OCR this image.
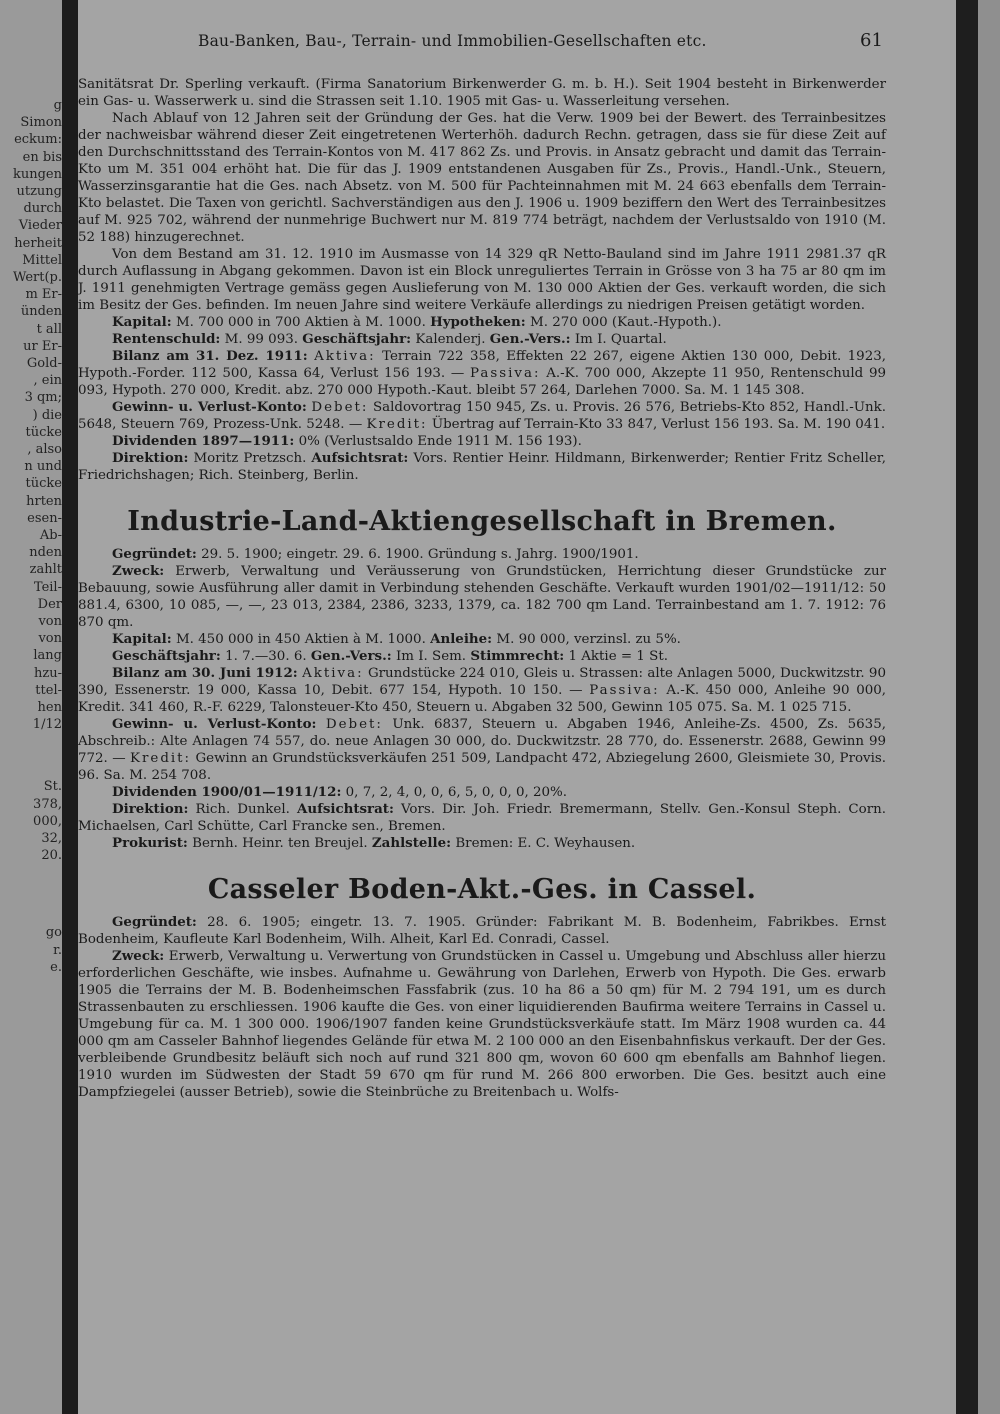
g
Simon
eckum:
en bis
kungen
utzung
durch
Vieder
herheit
Mittel
Wert(p.
m Er-
ünden
t all
ur Er-
Gold-
, ein
3 qm;
) die
tücke
, also
n und
tücke
hrten
esen-
Ab-
nden
zahlt
Teil-
Der
von
von
lang
hzu-
ttel-
hen
1/12
St.
378,
000,
32,
20.
go
r.
e.
Bau-Banken, Bau-, Terrain- und Immobilien-Gesellschaften etc.	61

Sanitätsrat Dr. Sperling verkauft. (Firma Sanatorium Birkenwerder G. m. b. H.). Seit 1904 besteht in Birkenwerder ein Gas- u. Wasserwerk u. sind die Strassen seit 1.10. 1905 mit Gas- u. Wasserleitung versehen.

Nach Ablauf von 12 Jahren seit der Gründung der Ges. hat die Verw. 1909 bei der Bewert. des Terrainbesitzes der nachweisbar während dieser Zeit eingetretenen Werterhöh. dadurch Rechn. getragen, dass sie für diese Zeit auf den Durchschnittsstand des Terrain-Kontos von M. 417 862 Zs. und Provis. in Ansatz gebracht und damit das Terrain-Kto um M. 351 004 erhöht hat. Die für das J. 1909 entstandenen Ausgaben für Zs., Provis., Handl.-Unk., Steuern, Wasserzinsgarantie hat die Ges. nach Absetz. von M. 500 für Pachteinnahmen mit M. 24 663 ebenfalls dem Terrain-Kto belastet. Die Taxen von gerichtl. Sachverständigen aus den J. 1906 u. 1909 beziffern den Wert des Terrainbesitzes auf M. 925 702, während der nunmehrige Buchwert nur M. 819 774 beträgt, nachdem der Verlustsaldo von 1910 (M. 52 188) hinzugerechnet.

Von dem Bestand am 31. 12. 1910 im Ausmasse von 14 329 qR Netto-Bauland sind im Jahre 1911 2981.37 qR durch Auflassung in Abgang gekommen. Davon ist ein Block unreguliertes Terrain in Grösse von 3 ha 75 ar 80 qm im J. 1911 genehmigten Vertrage gemäss gegen Auslieferung von M. 130 000 Aktien der Ges. verkauft worden, die sich im Besitz der Ges. befinden. Im neuen Jahre sind weitere Verkäufe allerdings zu niedrigen Preisen getätigt worden.

Kapital: M. 700 000 in 700 Aktien à M. 1000. Hypotheken: M. 270 000 (Kaut.-Hypoth.).

Rentenschuld: M. 99 093. Geschäftsjahr: Kalenderj. Gen.-Vers.: Im I. Quartal.

Bilanz am 31. Dez. 1911: Aktiva: Terrain 722 358, Effekten 22 267, eigene Aktien 130 000, Debit. 1923, Hypoth.-Forder. 112 500, Kassa 64, Verlust 156 193. — Passiva: A.-K. 700 000, Akzepte 11 950, Rentenschuld 99 093, Hypoth. 270 000, Kredit. abz. 270 000 Hypoth.-Kaut. bleibt 57 264, Darlehen 7000. Sa. M. 1 145 308.

Gewinn- u. Verlust-Konto: Debet: Saldovortrag 150 945, Zs. u. Provis. 26 576, Betriebs-Kto 852, Handl.-Unk. 5648, Steuern 769, Prozess-Unk. 5248. — Kredit: Übertrag auf Terrain-Kto 33 847, Verlust 156 193. Sa. M. 190 041.

Dividenden 1897—1911: 0% (Verlustsaldo Ende 1911 M. 156 193).

Direktion: Moritz Pretzsch. Aufsichtsrat: Vors. Rentier Heinr. Hildmann, Birkenwerder; Rentier Fritz Scheller, Friedrichshagen; Rich. Steinberg, Berlin.

Industrie-Land-Aktiengesellschaft in Bremen.

Gegründet: 29. 5. 1900; eingetr. 29. 6. 1900. Gründung s. Jahrg. 1900/1901.

Zweck: Erwerb, Verwaltung und Veräusserung von Grundstücken, Herrichtung dieser Grundstücke zur Bebauung, sowie Ausführung aller damit in Verbindung stehenden Geschäfte. Verkauft wurden 1901/02—1911/12: 50 881.4, 6300, 10 085, —, —, 23 013, 2384, 2386, 3233, 1379, ca. 182 700 qm Land. Terrainbestand am 1. 7. 1912: 76 870 qm.

Kapital: M. 450 000 in 450 Aktien à M. 1000. Anleihe: M. 90 000, verzinsl. zu 5%.

Geschäftsjahr: 1. 7.—30. 6. Gen.-Vers.: Im I. Sem. Stimmrecht: 1 Aktie = 1 St.

Bilanz am 30. Juni 1912: Aktiva: Grundstücke 224 010, Gleis u. Strassen: alte Anlagen 5000, Duckwitzstr. 90 390, Essenerstr. 19 000, Kassa 10, Debit. 677 154, Hypoth. 10 150. — Passiva: A.-K. 450 000, Anleihe 90 000, Kredit. 341 460, R.-F. 6229, Talonsteuer-Kto 450, Steuern u. Abgaben 32 500, Gewinn 105 075. Sa. M. 1 025 715.

Gewinn- u. Verlust-Konto: Debet: Unk. 6837, Steuern u. Abgaben 1946, Anleihe-Zs. 4500, Zs. 5635, Abschreib.: Alte Anlagen 74 557, do. neue Anlagen 30 000, do. Duckwitzstr. 28 770, do. Essenerstr. 2688, Gewinn 99 772. — Kredit: Gewinn an Grundstücksverkäufen 251 509, Landpacht 472, Abziegelung 2600, Gleismiete 30, Provis. 96. Sa. M. 254 708.

Dividenden 1900/01—1911/12: 0, 7, 2, 4, 0, 0, 6, 5, 0, 0, 0, 20%.

Direktion: Rich. Dunkel. Aufsichtsrat: Vors. Dir. Joh. Friedr. Bremermann, Stellv. Gen.-Konsul Steph. Corn. Michaelsen, Carl Schütte, Carl Francke sen., Bremen.

Prokurist: Bernh. Heinr. ten Breujel. Zahlstelle: Bremen: E. C. Weyhausen.

Casseler Boden-Akt.-Ges. in Cassel.

Gegründet: 28. 6. 1905; eingetr. 13. 7. 1905. Gründer: Fabrikant M. B. Bodenheim, Fabrikbes. Ernst Bodenheim, Kaufleute Karl Bodenheim, Wilh. Alheit, Karl Ed. Conradi, Cassel.

Zweck: Erwerb, Verwaltung u. Verwertung von Grundstücken in Cassel u. Umgebung und Abschluss aller hierzu erforderlichen Geschäfte, wie insbes. Aufnahme u. Gewährung von Darlehen, Erwerb von Hypoth. Die Ges. erwarb 1905 die Terrains der M. B. Bodenheimschen Fassfabrik (zus. 10 ha 86 a 50 qm) für M. 2 794 191, um es durch Strassenbauten zu erschliessen. 1906 kaufte die Ges. von einer liquidierenden Baufirma weitere Terrains in Cassel u. Umgebung für ca. M. 1 300 000. 1906/1907 fanden keine Grundstücksverkäufe statt. Im März 1908 wurden ca. 44 000 qm am Casseler Bahnhof liegendes Gelände für etwa M. 2 100 000 an den Eisenbahnfiskus verkauft. Der der Ges. verbleibende Grundbesitz beläuft sich noch auf rund 321 800 qm, wovon 60 600 qm ebenfalls am Bahnhof liegen. 1910 wurden im Südwesten der Stadt 59 670 qm für rund M. 266 800 erworben. Die Ges. besitzt auch eine Dampfziegelei (ausser Betrieb), sowie die Steinbrüche zu Breitenbach u. Wolfs-
